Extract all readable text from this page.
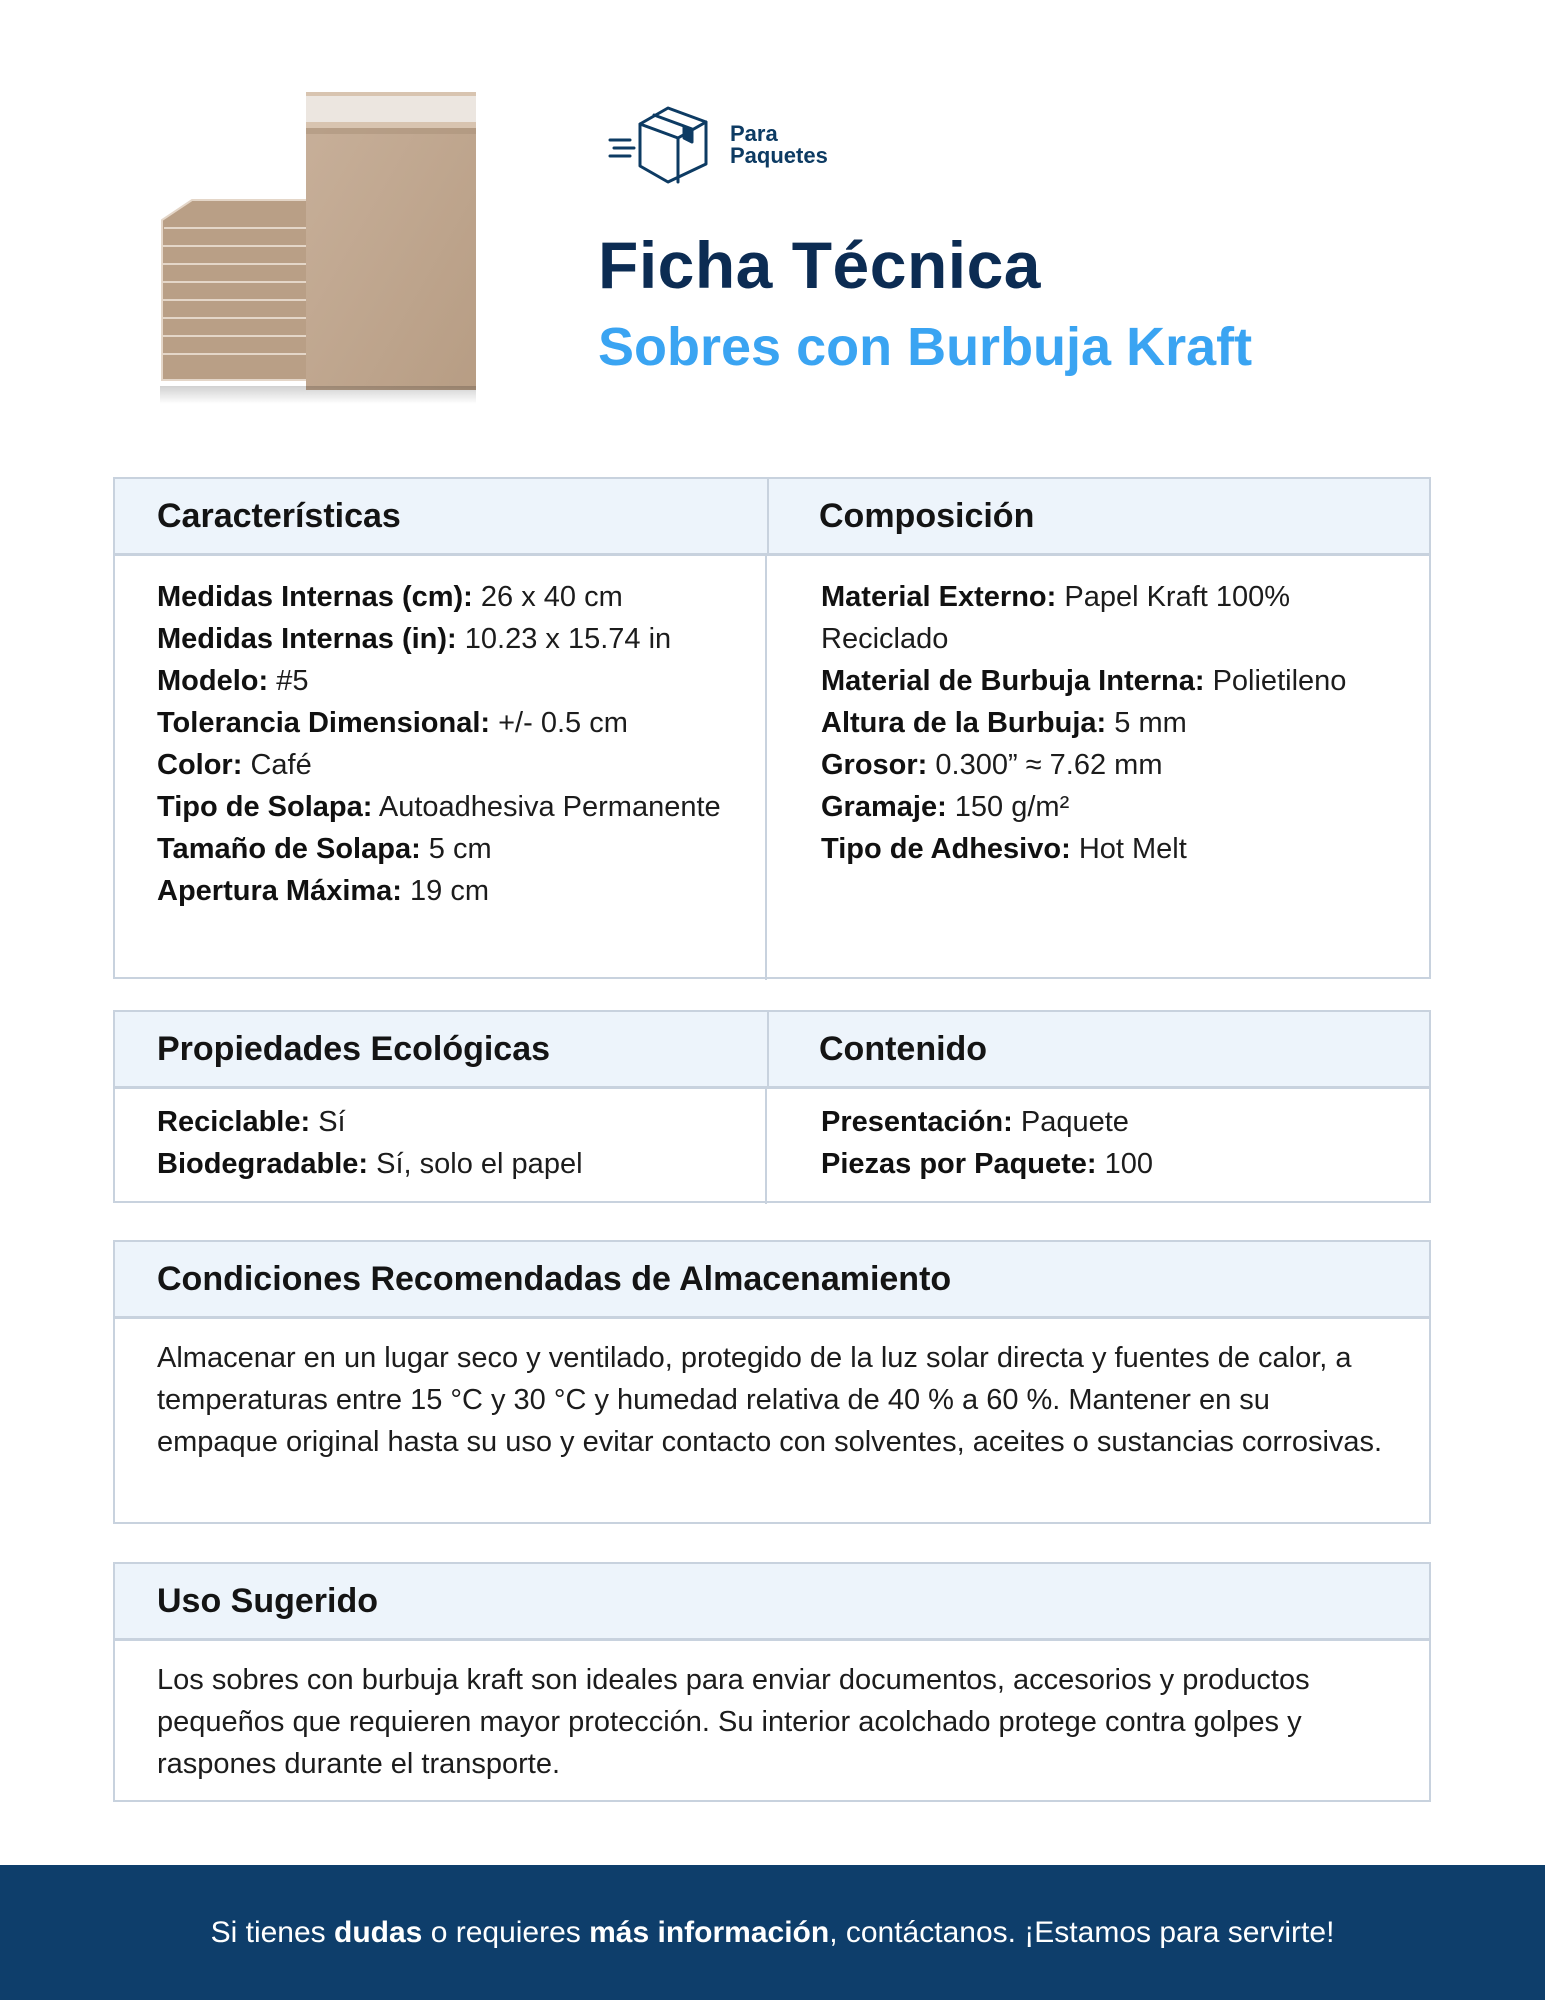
Para
Paquetes
Ficha Técnica
Sobres con Burbuja Kraft
Características	Composición

Medidas Internas (cm): 26 x 40 cm

Medidas Internas (in): 10.23 x 15.74 in

Modelo: #5

Tolerancia Dimensional: +/- 0.5 cm

Color: Café

Tipo de Solapa: Autoadhesiva Permanente

Tamaño de Solapa: 5 cm

Apertura Máxima: 19 cm

Material Externo: Papel Kraft 100% Reciclado

Material de Burbuja Interna: Polietileno

Altura de la Burbuja: 5 mm

Grosor: 0.300” ≈ 7.62 mm

Gramaje: 150 g/m²

Tipo de Adhesivo: Hot Melt

Propiedades Ecológicas	Contenido

Reciclable: Sí

Biodegradable: Sí, solo el papel

Presentación: Paquete

Piezas por Paquete: 100

Condiciones Recomendadas de Almacenamiento

Almacenar en un lugar seco y ventilado, protegido de la luz solar directa y fuentes de calor, a temperaturas entre 15 °C y 30 °C y humedad relativa de 40 % a 60 %. Mantener en su empaque original hasta su uso y evitar contacto con solventes, aceites o sustancias corrosivas.

Uso Sugerido

Los sobres con burbuja kraft son ideales para enviar documentos, accesorios y productos pequeños que requieren mayor protección. Su interior acolchado protege contra golpes y raspones durante el transporte.

Si tienes dudas o requieres más información, contáctanos. ¡Estamos para servirte!
